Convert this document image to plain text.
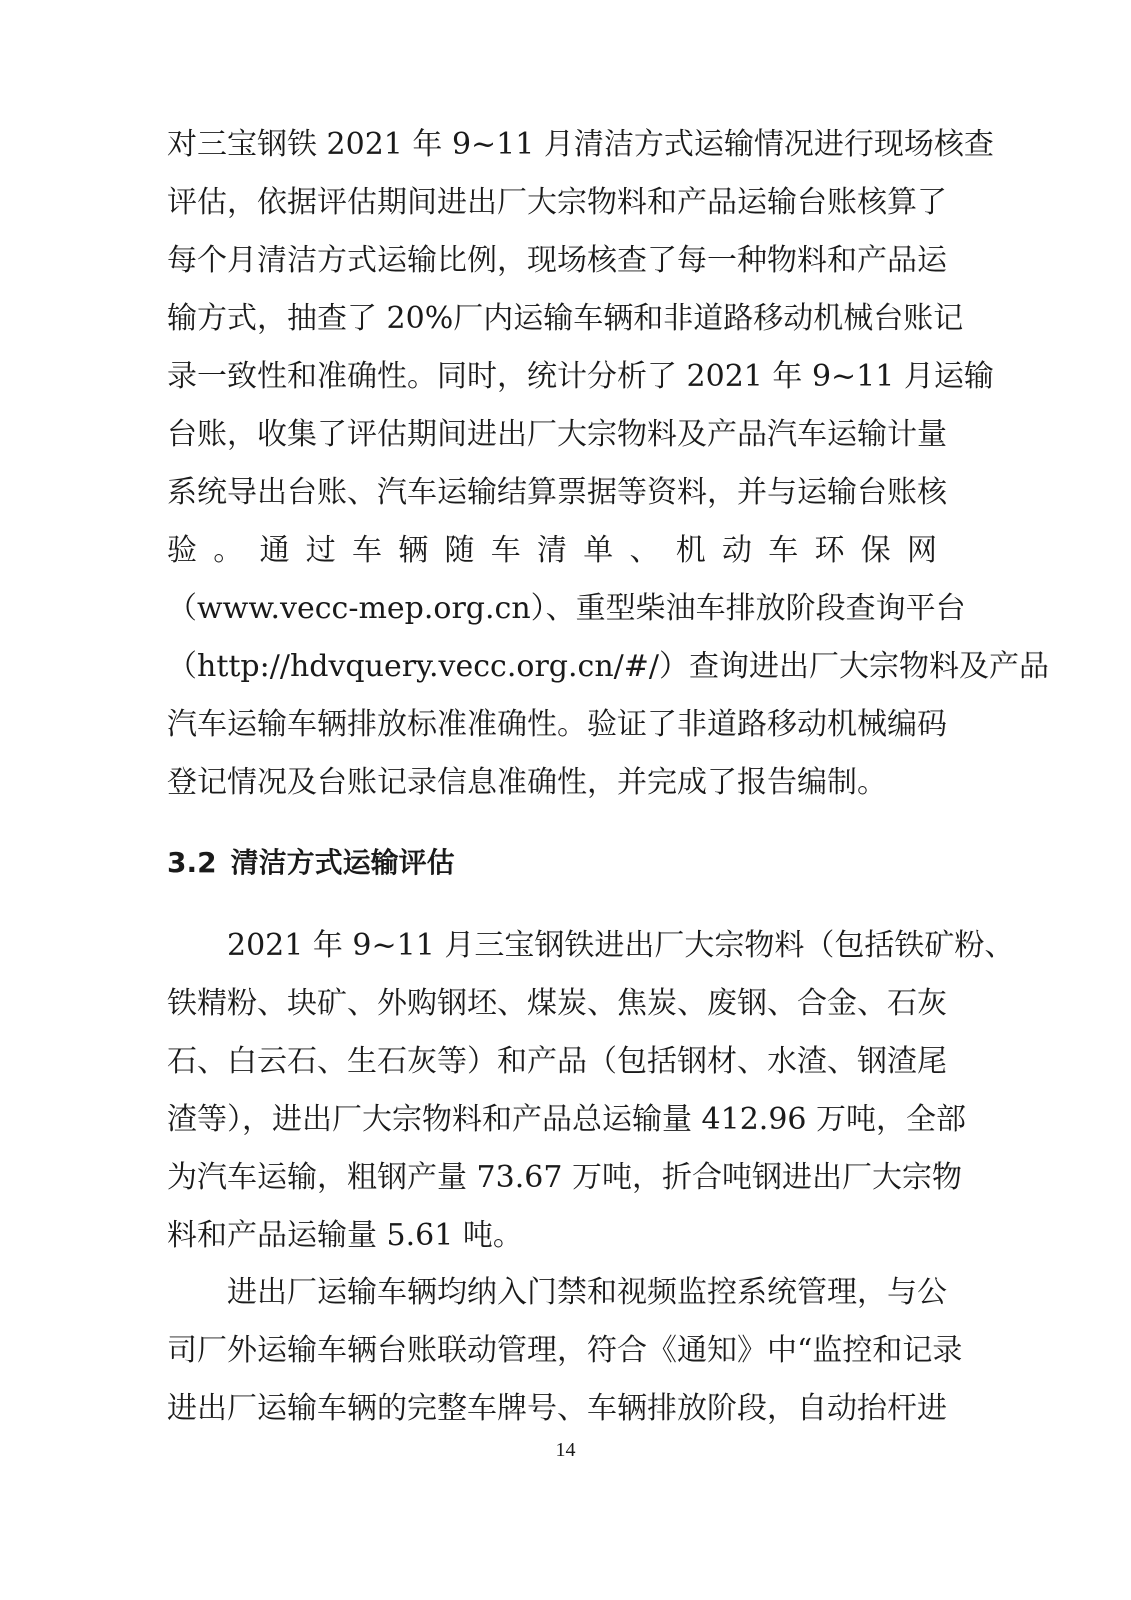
对三宝钢铁 2021 年 9~11 月清洁方式运输情况进行现场核查
评估，依据评估期间进出厂大宗物料和产品运输台账核算了
每个月清洁方式运输比例，现场核查了每一种物料和产品运
输方式，抽查了 20%厂内运输车辆和非道路移动机械台账记
录一致性和准确性。同时，统计分析了 2021 年 9~11 月运输
台账，收集了评估期间进出厂大宗物料及产品汽车运输计量
系统导出台账、汽车运输结算票据等资料，并与运输台账核
验。通过车辆随车清单、机动车环保网
（www.vecc-mep.org.cn）、重型柴油车排放阶段查询平台
（http://hdvquery.vecc.org.cn/#/）查询进出厂大宗物料及产品
汽车运输车辆排放标准准确性。验证了非道路移动机械编码
登记情况及台账记录信息准确性，并完成了报告编制。
3.2 清洁方式运输评估
2021 年 9~11 月三宝钢铁进出厂大宗物料（包括铁矿粉、
铁精粉、块矿、外购钢坯、煤炭、焦炭、废钢、合金、石灰
石、白云石、生石灰等）和产品（包括钢材、水渣、钢渣尾
渣等），进出厂大宗物料和产品总运输量 412.96 万吨，全部
为汽车运输，粗钢产量 73.67 万吨，折合吨钢进出厂大宗物
料和产品运输量 5.61 吨。
进出厂运输车辆均纳入门禁和视频监控系统管理，与公
司厂外运输车辆台账联动管理，符合《通知》中“监控和记录
进出厂运输车辆的完整车牌号、车辆排放阶段，自动抬杆进
14
